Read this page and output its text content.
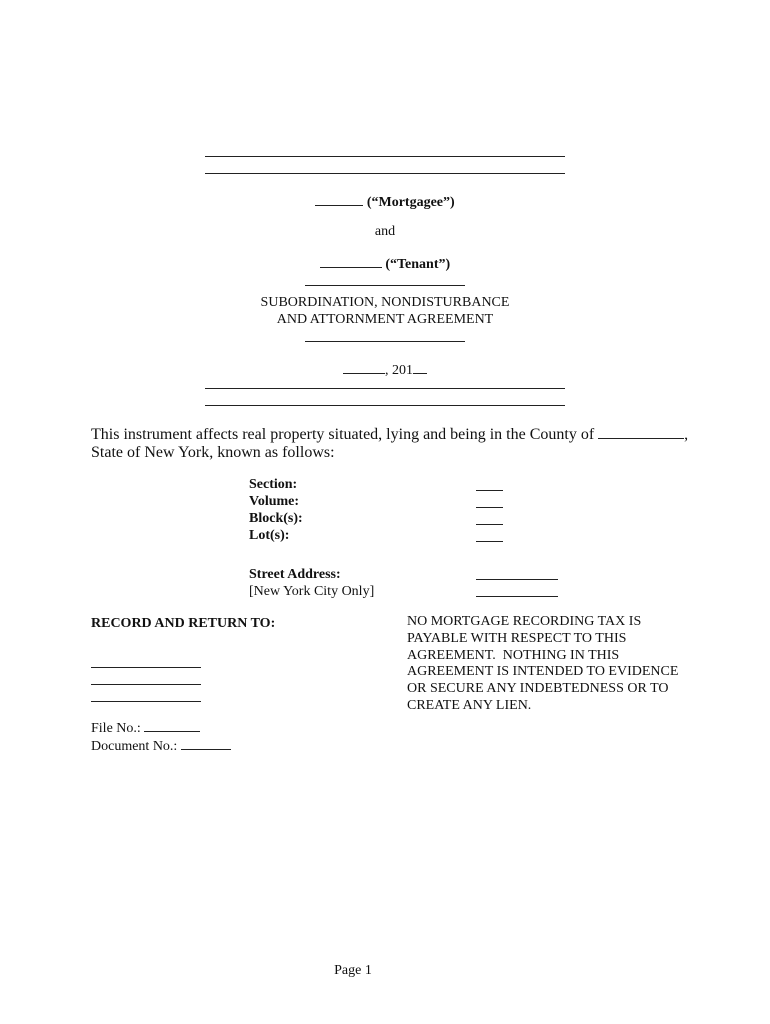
(“Mortgagee”)
and
(“Tenant”)
SUBORDINATION, NONDISTURBANCE
AND ATTORNMENT AGREEMENT
, 201
This instrument affects real property situated, lying and being in the County of	,
State of New York, known as follows:
Section:
Volume:
Block(s):
Lot(s):
Street Address:
[New York City Only]
RECORD AND RETURN TO:	NO MORTGAGE RECORDING TAX IS
PAYABLE WITH RESPECT TO THIS
AGREEMENT.  NOTHING IN THIS
AGREEMENT IS INTENDED TO EVIDENCE
OR SECURE ANY INDEBTEDNESS OR TO
CREATE ANY LIEN.
File No.:
Document No.:
Page 1
